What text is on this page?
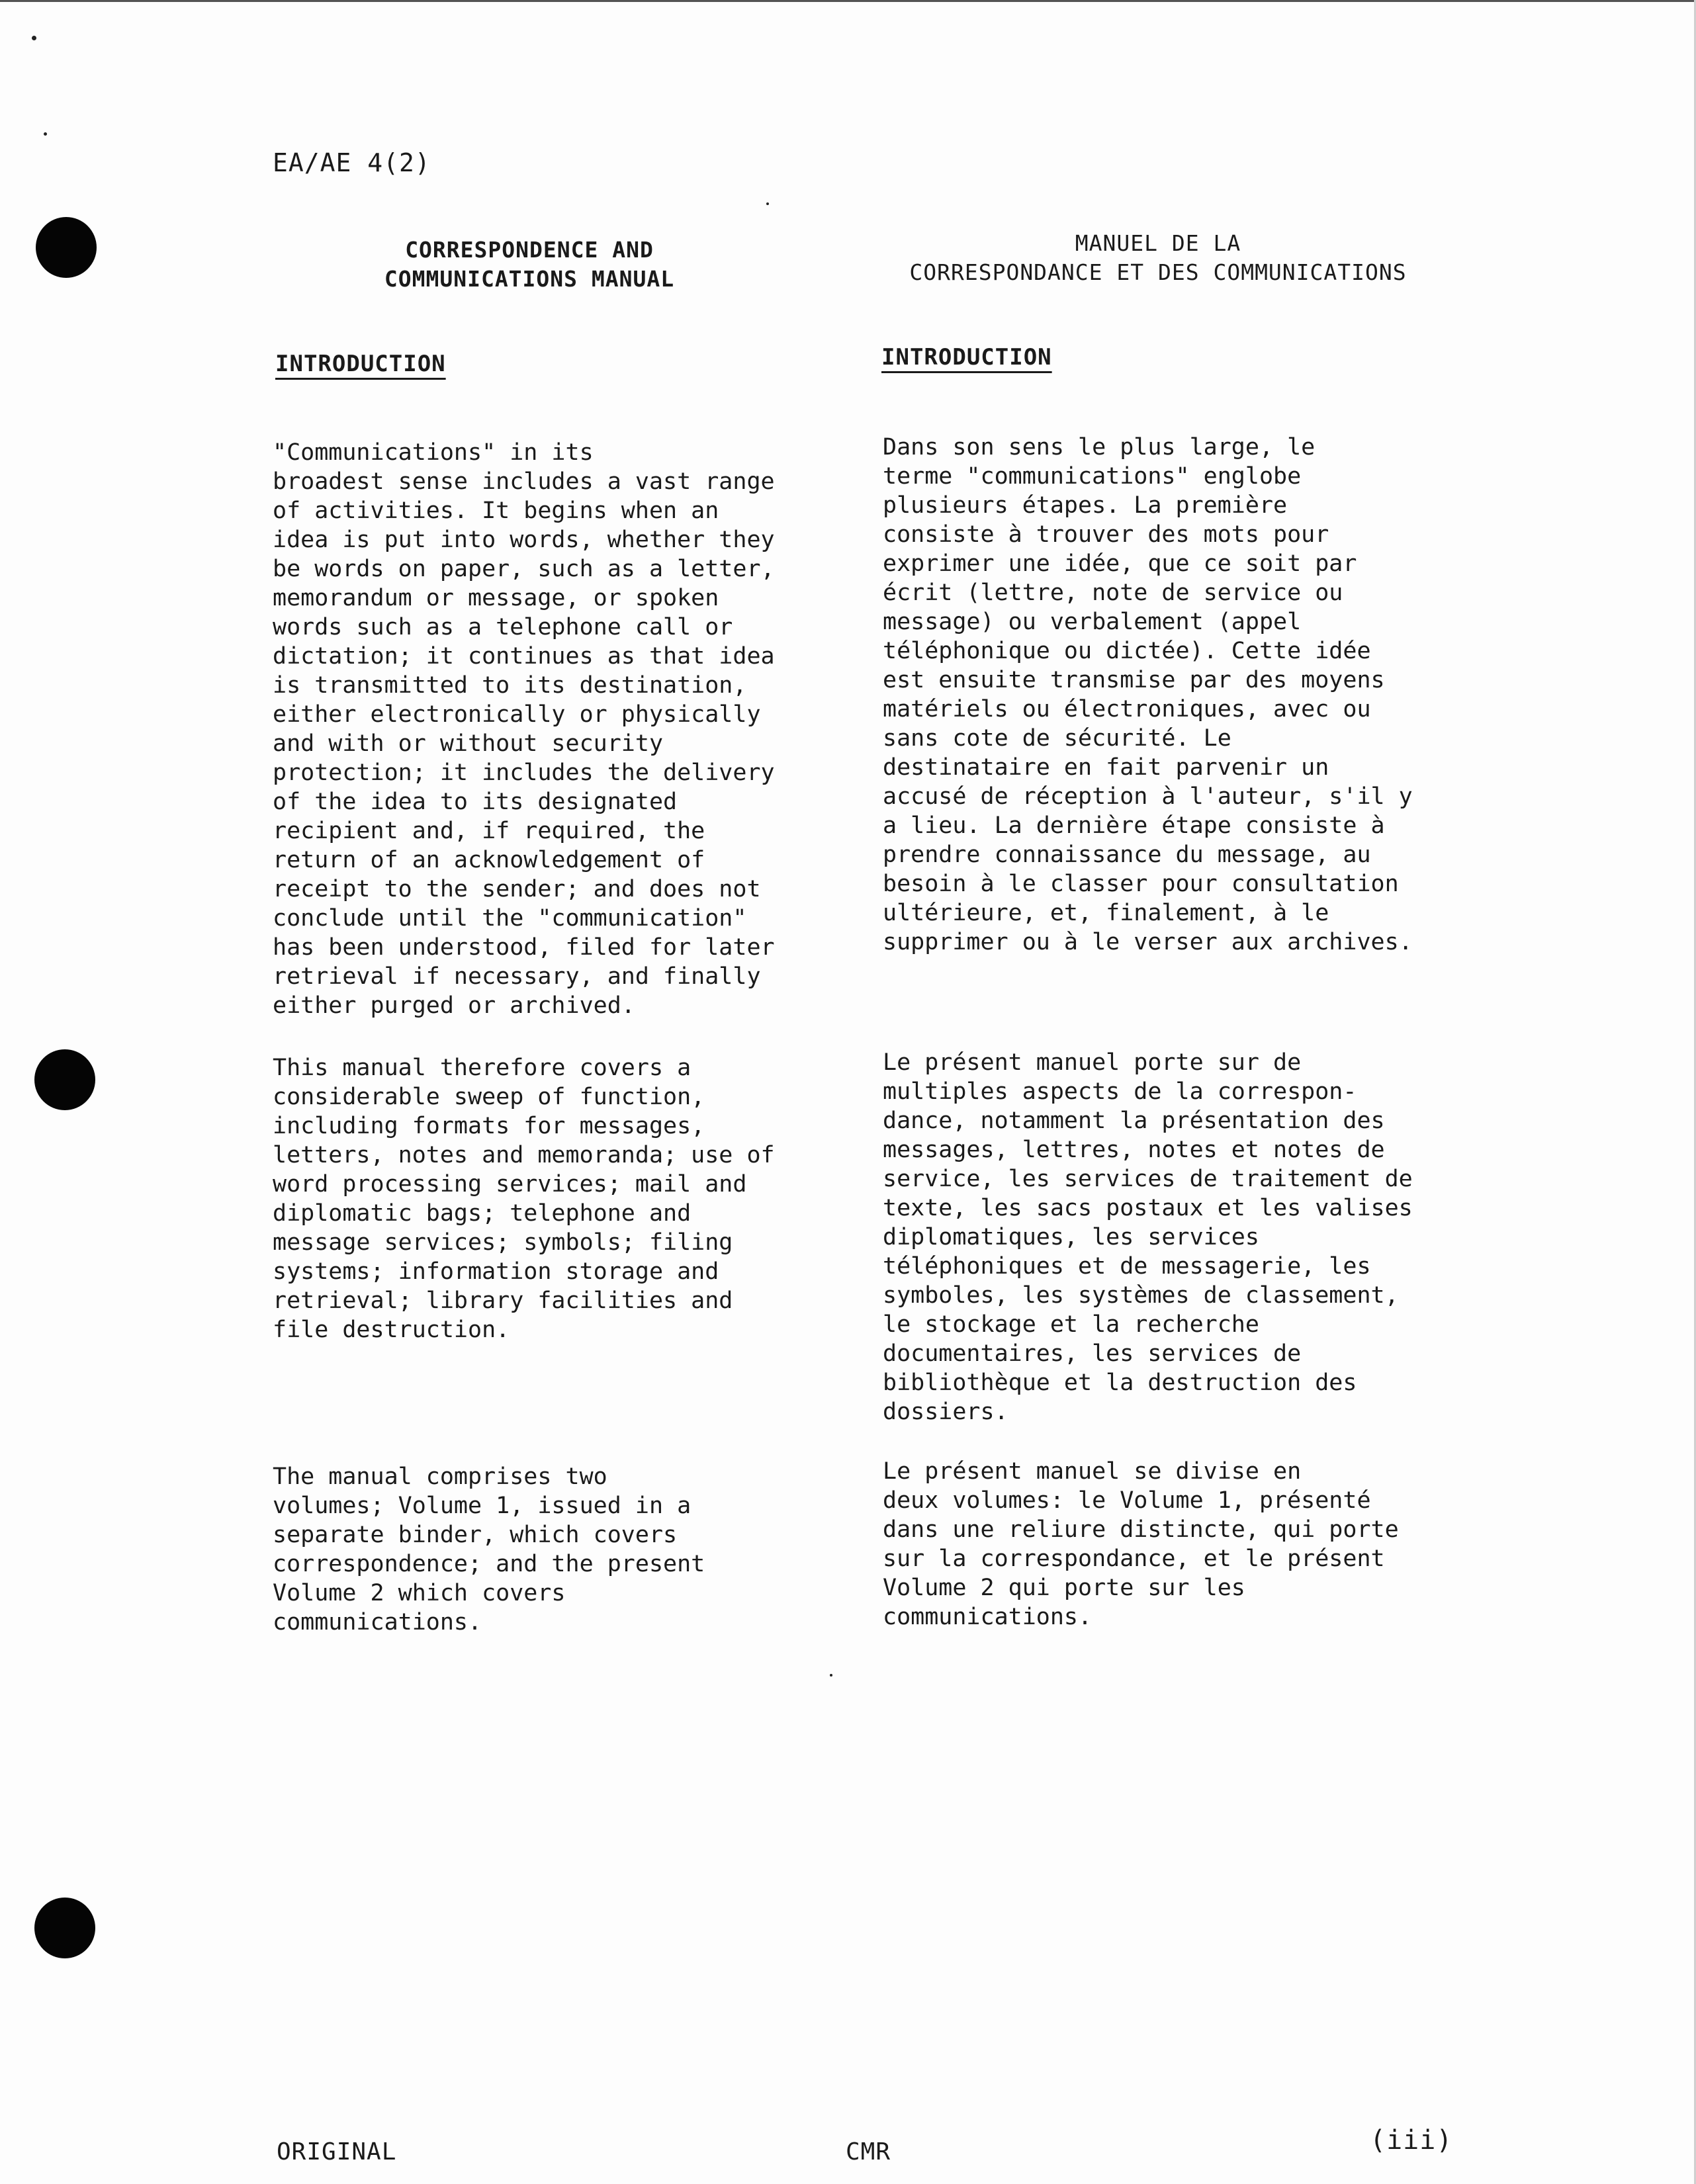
EA/AE 4(2)
CORRESPONDENCE AND
COMMUNICATIONS MANUAL
MANUEL DE LA
CORRESPONDANCE ET DES COMMUNICATIONS
INTRODUCTION	INTRODUCTION

"Communications" in its
broadest sense includes a vast range
of activities. It begins when an
idea is put into words, whether they
be words on paper, such as a letter,
memorandum or message, or spoken
words such as a telephone call or
dictation; it continues as that idea
is transmitted to its destination,
either electronically or physically
and with or without security
protection; it includes the delivery
of the idea to its designated
recipient and, if required, the
return of an acknowledgement of
receipt to the sender; and does not
conclude until the "communication"
has been understood, filed for later
retrieval if necessary, and finally
either purged or archived.

This manual therefore covers a
considerable sweep of function,
including formats for messages,
letters, notes and memoranda; use of
word processing services; mail and
diplomatic bags; telephone and
message services; symbols; filing
systems; information storage and
retrieval; library facilities and
file destruction.

The manual comprises two
volumes; Volume 1, issued in a
separate binder, which covers
correspondence; and the present
Volume 2 which covers
communications.

Dans son sens le plus large, le
terme "communications" englobe
plusieurs étapes. La première
consiste à trouver des mots pour
exprimer une idée, que ce soit par
écrit (lettre, note de service ou
message) ou verbalement (appel
téléphonique ou dictée). Cette idée
est ensuite transmise par des moyens
matériels ou électroniques, avec ou
sans cote de sécurité. Le
destinataire en fait parvenir un
accusé de réception à l'auteur, s'il y
a lieu. La dernière étape consiste à
prendre connaissance du message, au
besoin à le classer pour consultation
ultérieure, et, finalement, à le
supprimer ou à le verser aux archives.

Le présent manuel porte sur de
multiples aspects de la correspon-
dance, notamment la présentation des
messages, lettres, notes et notes de
service, les services de traitement de
texte, les sacs postaux et les valises
diplomatiques, les services
téléphoniques et de messagerie, les
symboles, les systèmes de classement,
le stockage et la recherche
documentaires, les services de
bibliothèque et la destruction des
dossiers.

Le présent manuel se divise en
deux volumes: le Volume 1, présenté
dans une reliure distincte, qui porte
sur la correspondance, et le présent
Volume 2 qui porte sur les
communications.

ORIGINAL	CMR	(iii)
